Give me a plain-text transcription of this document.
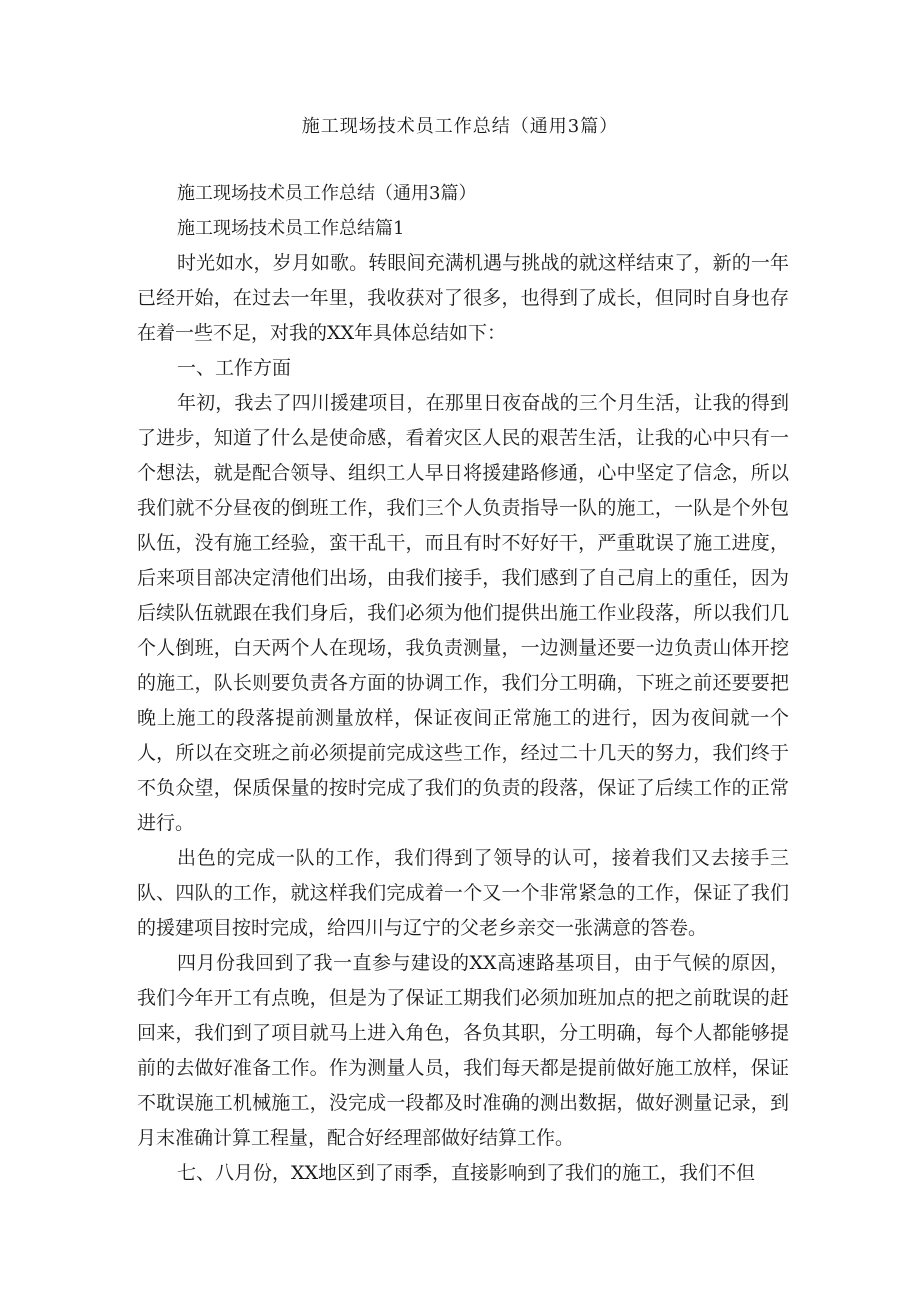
施工现场技术员工作总结（通用3篇）

施工现场技术员工作总结（通用3篇）

施工现场技术员工作总结篇1

时光如水，岁月如歌。转眼间充满机遇与挑战的就这样结束了，新的一年已经开始，在过去一年里，我收获对了很多，也得到了成长，但同时自身也存在着一些不足，对我的XX年具体总结如下：

一、工作方面

年初，我去了四川援建项目，在那里日夜奋战的三个月生活，让我的得到了进步，知道了什么是使命感，看着灾区人民的艰苦生活，让我的心中只有一个想法，就是配合领导、组织工人早日将援建路修通，心中坚定了信念，所以我们就不分昼夜的倒班工作，我们三个人负责指导一队的施工，一队是个外包队伍，没有施工经验，蛮干乱干，而且有时不好好干，严重耽误了施工进度，后来项目部决定清他们出场，由我们接手，我们感到了自己肩上的重任，因为后续队伍就跟在我们身后，我们必须为他们提供出施工作业段落，所以我们几个人倒班，白天两个人在现场，我负责测量，一边测量还要一边负责山体开挖的施工，队长则要负责各方面的协调工作，我们分工明确，下班之前还要要把晚上施工的段落提前测量放样，保证夜间正常施工的进行，因为夜间就一个人，所以在交班之前必须提前完成这些工作，经过二十几天的努力，我们终于不负众望，保质保量的按时完成了我们的负责的段落，保证了后续工作的正常进行。

出色的完成一队的工作，我们得到了领导的认可，接着我们又去接手三队、四队的工作，就这样我们完成着一个又一个非常紧急的工作，保证了我们的援建项目按时完成，给四川与辽宁的父老乡亲交一张满意的答卷。

四月份我回到了我一直参与建设的XX高速路基项目，由于气候的原因，我们今年开工有点晚，但是为了保证工期我们必须加班加点的把之前耽误的赶回来，我们到了项目就马上进入角色，各负其职，分工明确，每个人都能够提前的去做好准备工作。作为测量人员，我们每天都是提前做好施工放样，保证不耽误施工机械施工，没完成一段都及时准确的测出数据，做好测量记录，到月末准确计算工程量，配合好经理部做好结算工作。

七、八月份，XX地区到了雨季，直接影响到了我们的施工，我们不但
